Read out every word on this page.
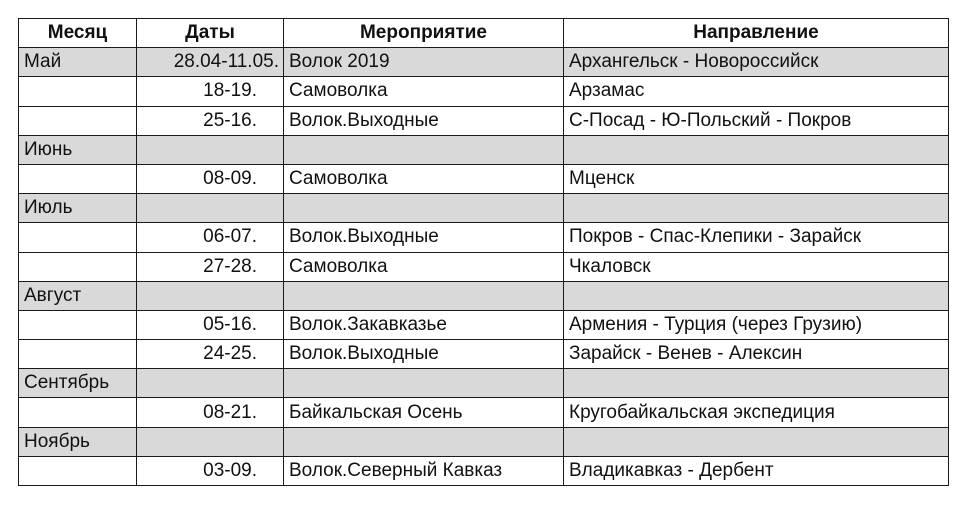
Месяц	Даты	Мероприятие	Направление
Май	28.04-11.05.	Волок 2019	Архангельск - Новороссийск
	18-19.	Самоволка	Арзамас
	25-16.	Волок.Выходные	С-Посад - Ю-Польский - Покров
Июнь			
	08-09.	Самоволка	Мценск
Июль			
	06-07.	Волок.Выходные	Покров - Спас-Клепики - Зарайск
	27-28.	Самоволка	Чкаловск
Август			
	05-16.	Волок.Закавказье	Армения - Турция (через Грузию)
	24-25.	Волок.Выходные	Зарайск - Венев - Алексин
Сентябрь			
	08-21.	Байкальская Осень	Кругобайкальская экспедиция
Ноябрь			
	03-09.	Волок.Северный Кавказ	Владикавказ - Дербент
